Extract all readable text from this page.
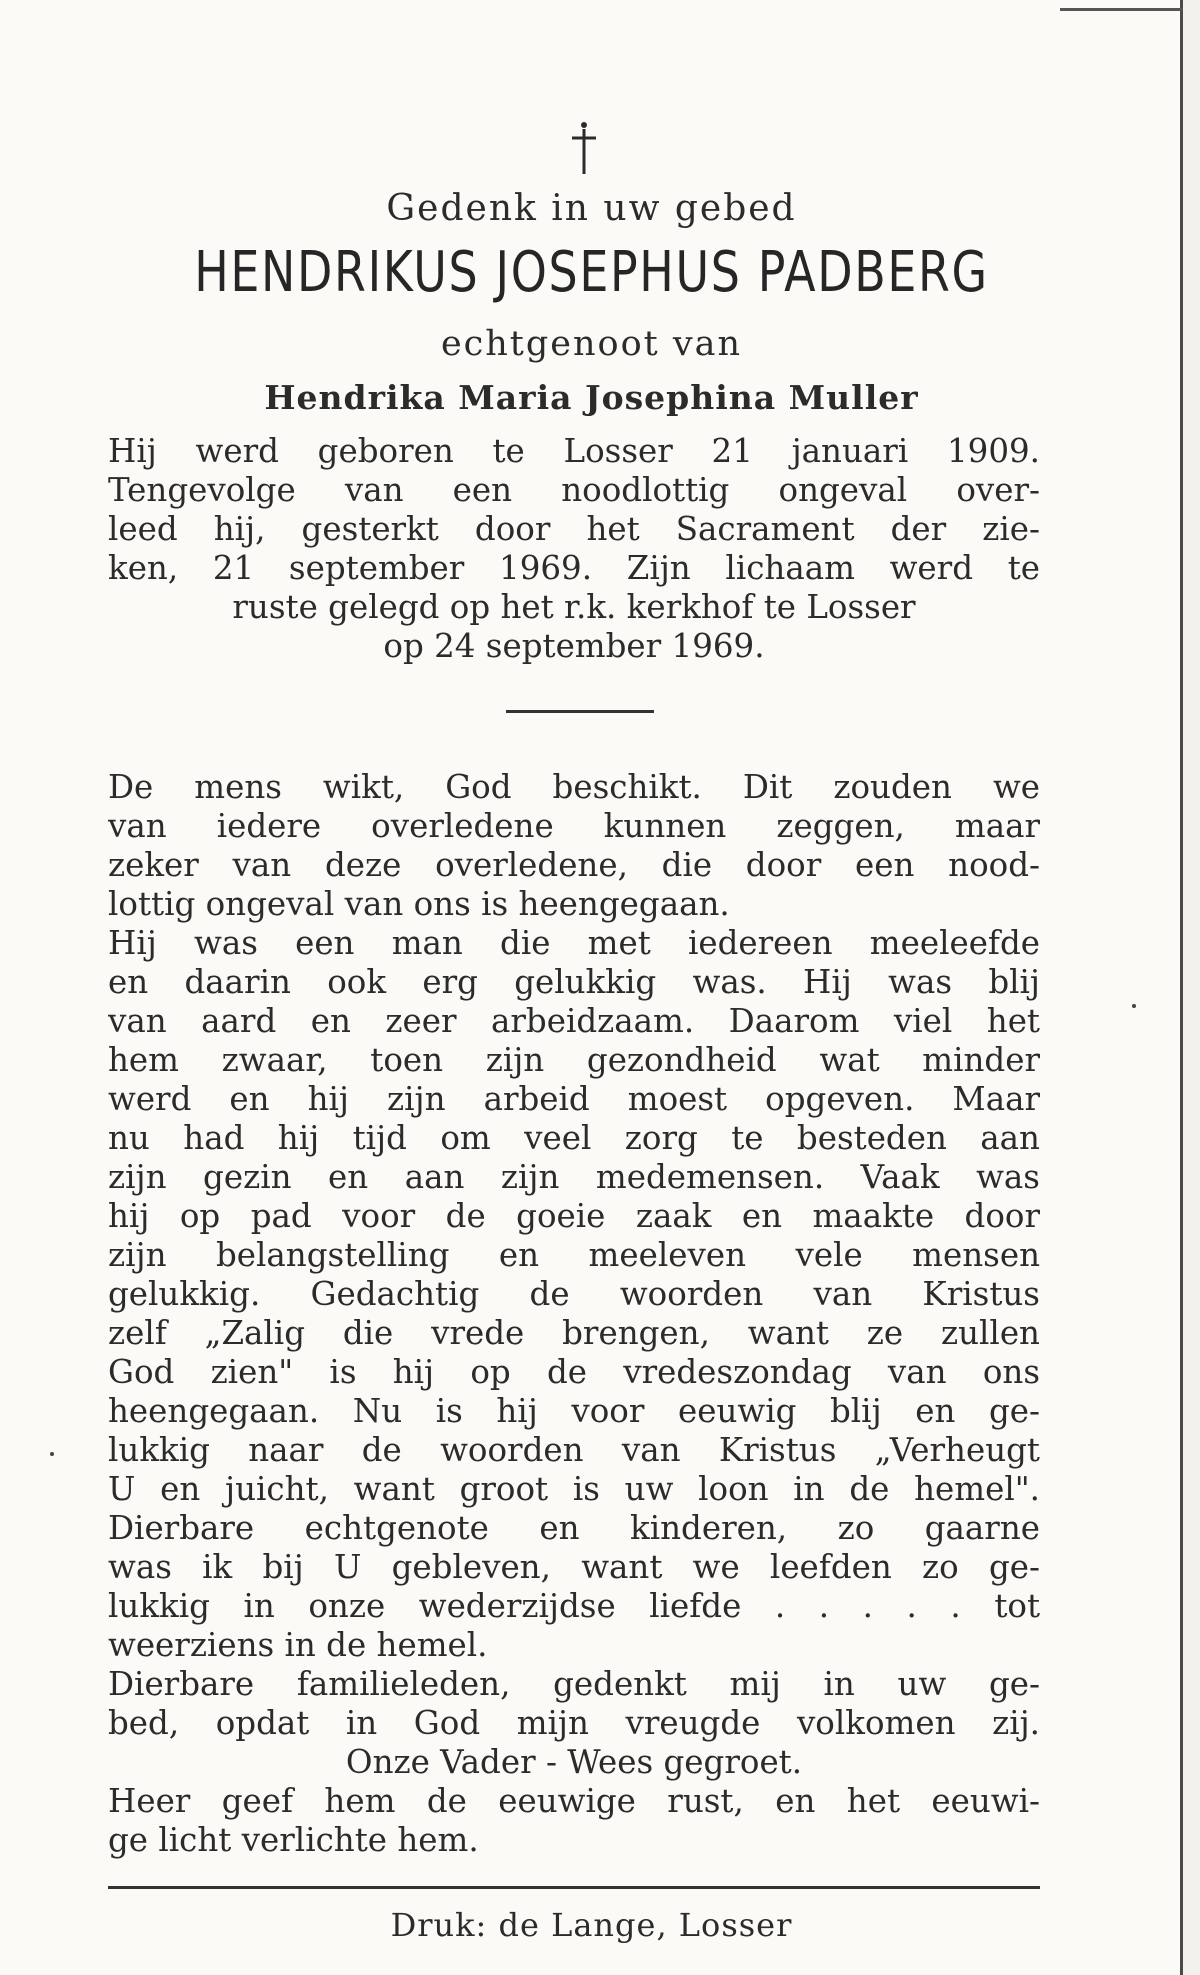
Gedenk in uw gebed
HENDRIKUS JOSEPHUS PADBERG
echtgenoot van
Hendrika Maria Josephina Muller
Hij werd geboren te Losser 21 januari 1909.
Tengevolge van een noodlottig ongeval over-
leed hij, gesterkt door het Sacrament der zie-
ken, 21 september 1969. Zijn lichaam werd te
ruste gelegd op het r.k. kerkhof te Losser
op 24 september 1969.
De mens wikt, God beschikt. Dit zouden we
van iedere overledene kunnen zeggen, maar
zeker van deze overledene, die door een nood-
lottig ongeval van ons is heengegaan.
Hij was een man die met iedereen meeleefde
en daarin ook erg gelukkig was. Hij was blij
van aard en zeer arbeidzaam. Daarom viel het
hem zwaar, toen zijn gezondheid wat minder
werd en hij zijn arbeid moest opgeven. Maar
nu had hij tijd om veel zorg te besteden aan
zijn gezin en aan zijn medemensen. Vaak was
hij op pad voor de goeie zaak en maakte door
zijn belangstelling en meeleven vele mensen
gelukkig. Gedachtig de woorden van Kristus
zelf „Zalig die vrede brengen, want ze zullen
God zien" is hij op de vredeszondag van ons
heengegaan. Nu is hij voor eeuwig blij en ge-
lukkig naar de woorden van Kristus „Verheugt
U en juicht, want groot is uw loon in de hemel".
Dierbare echtgenote en kinderen, zo gaarne
was ik bij U gebleven, want we leefden zo ge-
lukkig in onze wederzijdse liefde . . . . . tot
weerziens in de hemel.
Dierbare familieleden, gedenkt mij in uw ge-
bed, opdat in God mijn vreugde volkomen zij.
Onze Vader - Wees gegroet.
Heer geef hem de eeuwige rust, en het eeuwi-
ge licht verlichte hem.
Druk: de Lange, Losser
